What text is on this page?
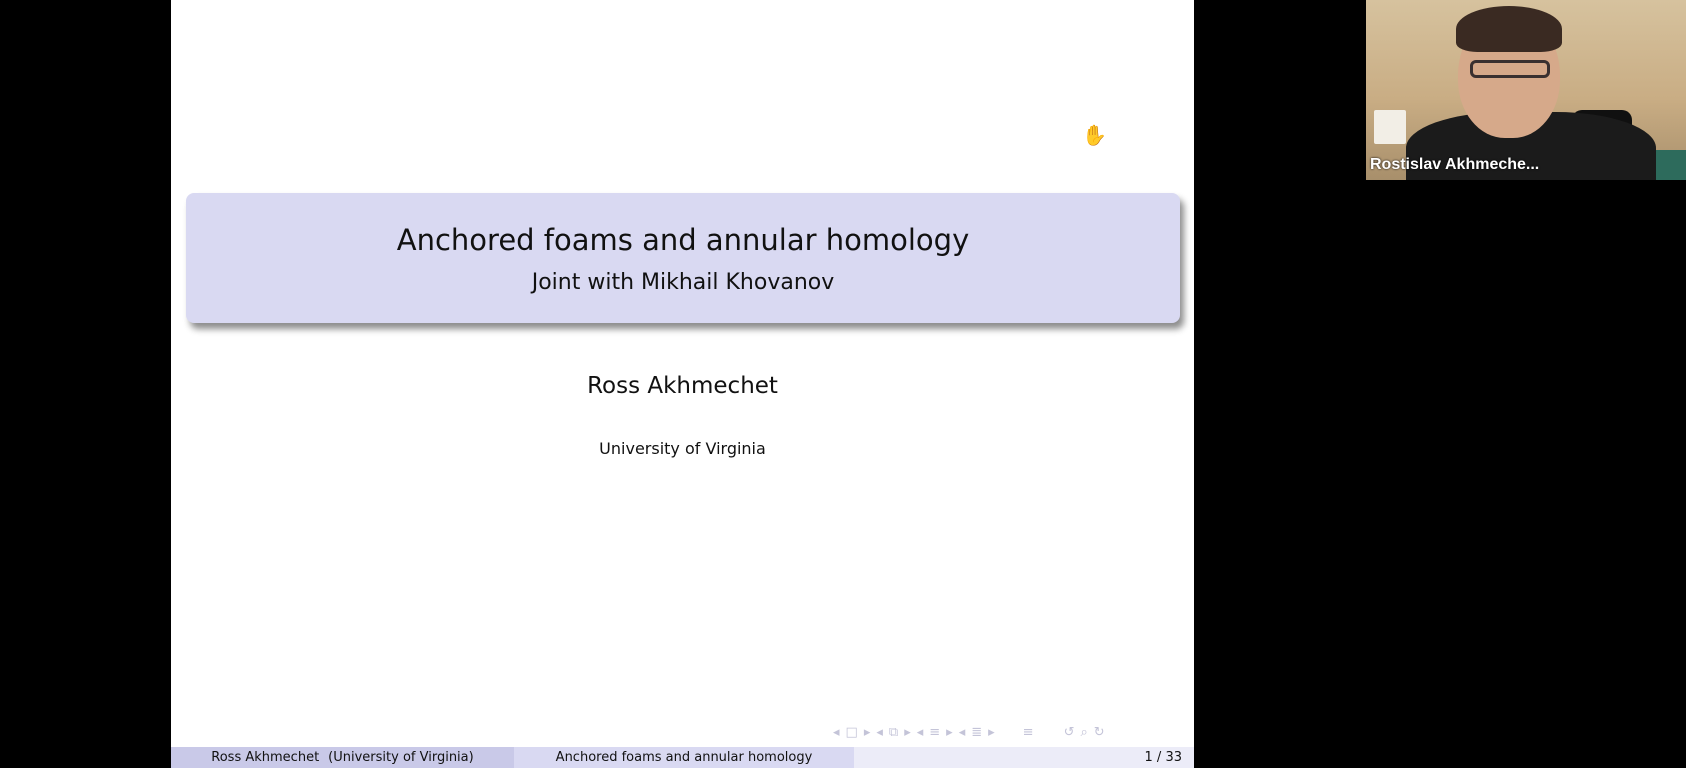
Anchored foams and annular homology
Joint with Mikhail Khovanov
Ross Akhmechet
University of Virginia
✋
◂ □ ▸ ◂ ⧉ ▸ ◂ ≡ ▸ ◂ ≣ ▸ ≡ ↺ ⌕ ↻
Ross Akhmechet (University of Virginia)	Anchored foams and annular homology	1 / 33
Rostislav Akhmeche...
